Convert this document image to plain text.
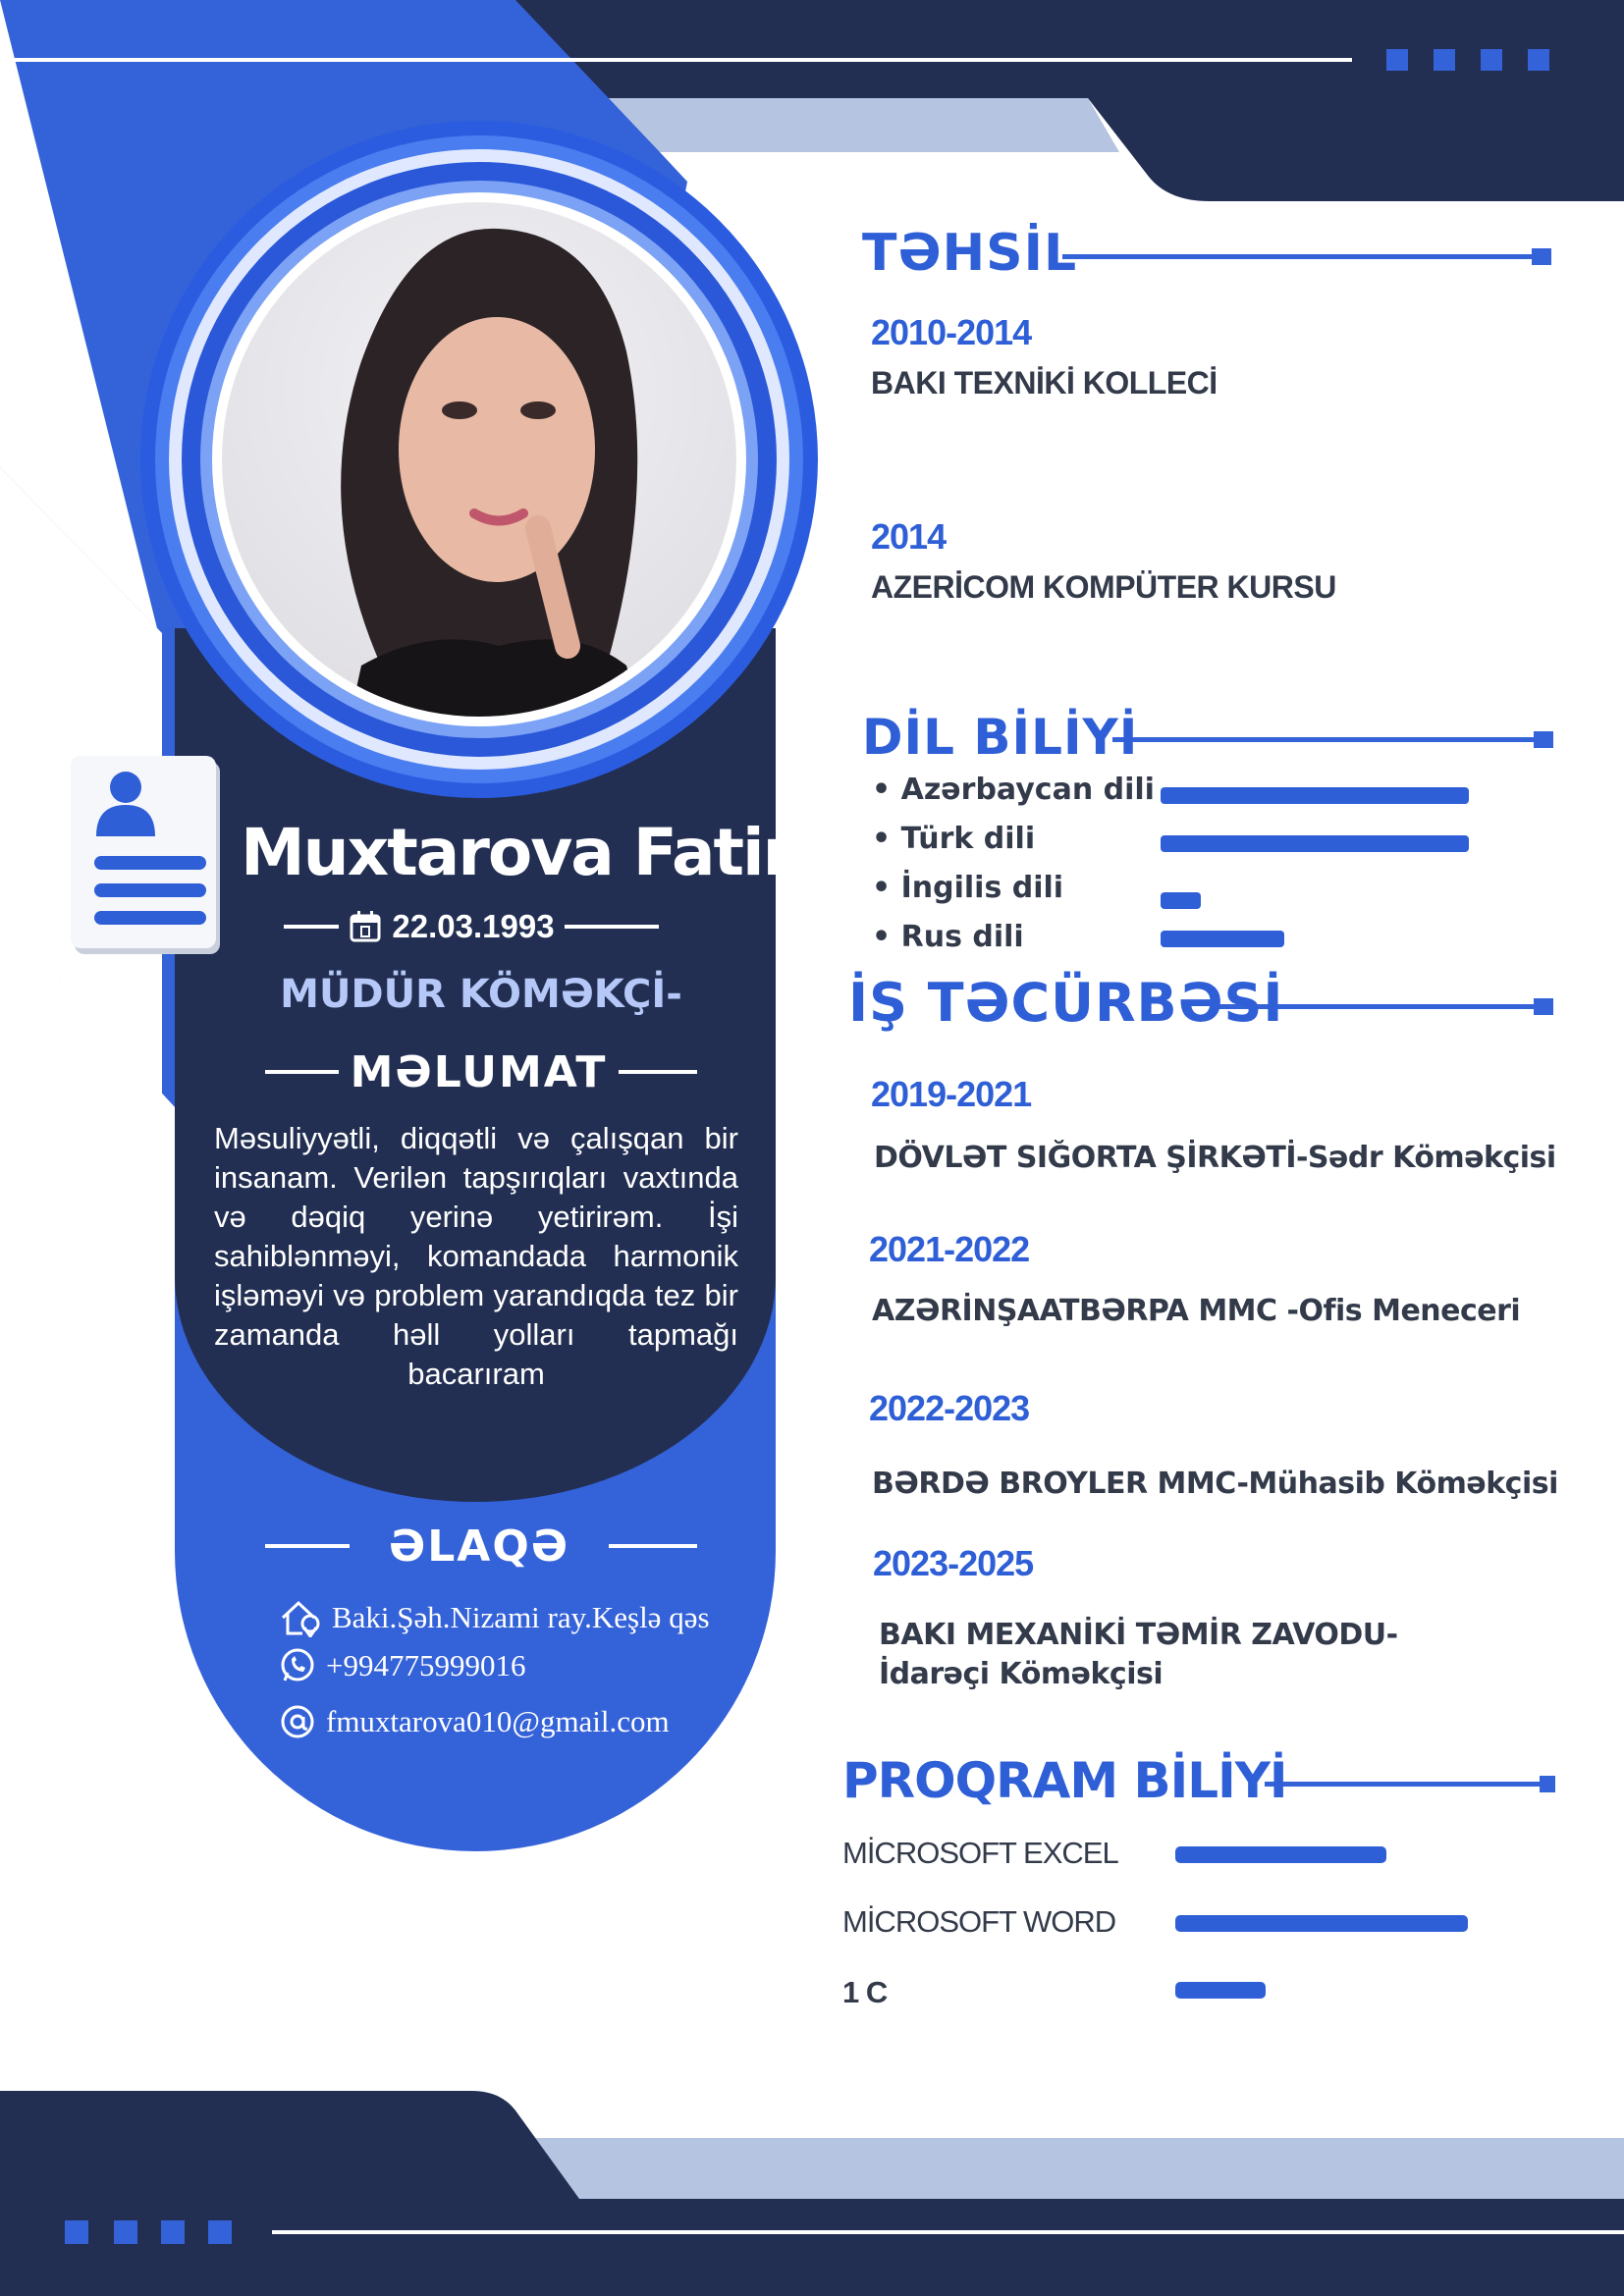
Muxtarova Fatimə
22.03.1993
MÜDÜR KÖMƏKÇİ-
MƏLUMAT
Məsuliyyətli, diqqətli və çalışqan bir insanam. Verilən tapşırıqları vaxtında və dəqiq yerinə yetirirəm. İşi sahiblənməyi, komandada harmonik işləməyi və problem yarandıqda tez bir zamanda həll yolları tapmağı bacarıram
ƏLAQƏ
Baki.Şəh.Nizami ray.Keşlə qəs
+994775999016
fmuxtarova010@gmail.com
TƏHSİL
2010-2014
BAKI TEXNİKİ KOLLECİ
2014
AZERİCOM KOMPÜTER KURSU
DİL BİLİYİ
• Azərbaycan dili
• Türk dili
• İngilis dili
• Rus dili
İŞ TƏCÜRBƏSİ
2019-2021
DÖVLƏT SIĞORTA ŞİRKƏTİ-Sədr Köməkçisi
2021-2022
AZƏRİNŞAATBƏRPA MMC -Ofis Meneceri
2022-2023
BƏRDƏ BROYLER MMC-Mühasib Köməkçisi
2023-2025
BAKI MEXANİKİ TƏMİR ZAVODU-
İdarəçi Köməkçisi
PROQRAM BİLİYİ
MİCROSOFT EXCEL
MİCROSOFT WORD
1 C
